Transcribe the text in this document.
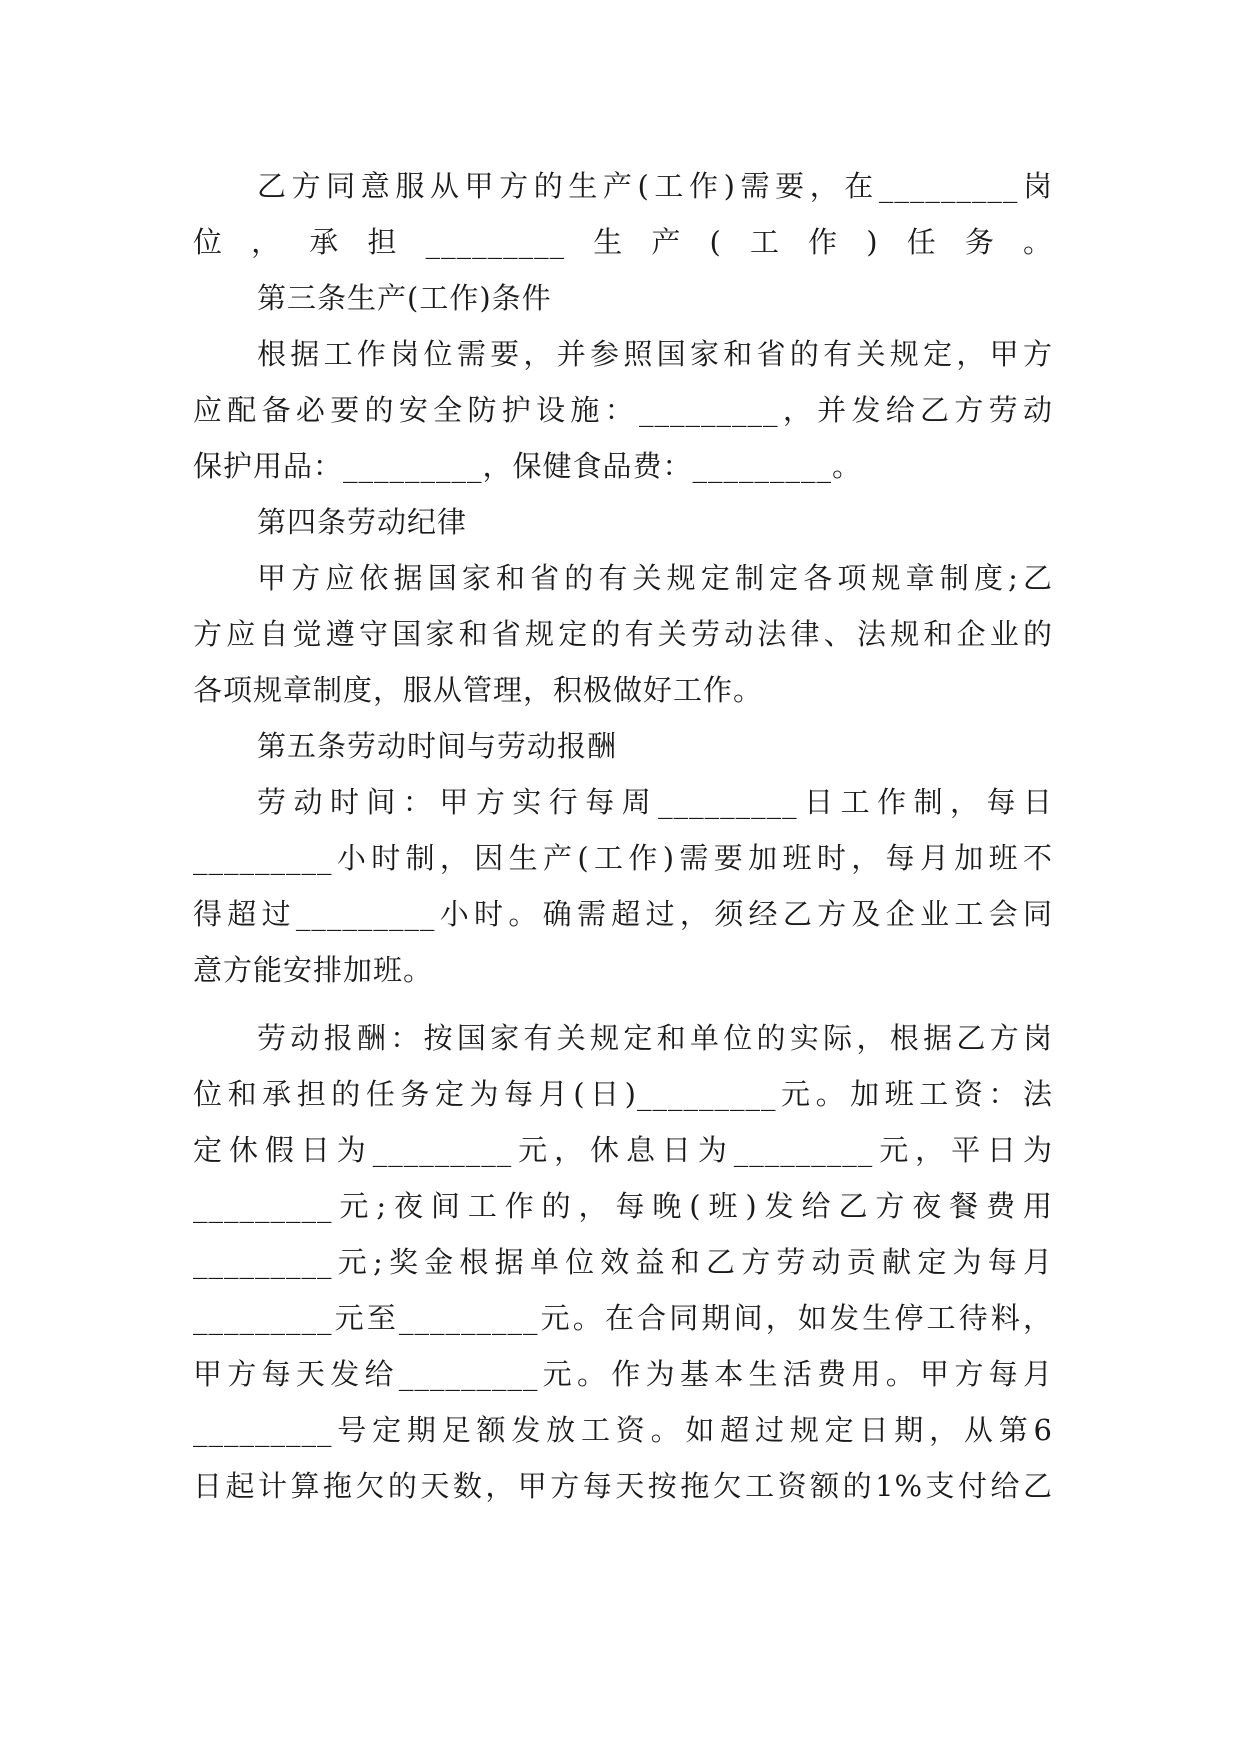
乙方同意服从甲方的生产(工作)需要，在_________岗
位，承担_________生产(工作)任务。
第三条生产(工作)条件
根据工作岗位需要，并参照国家和省的有关规定，甲方
应配备必要的安全防护设施：_________，并发给乙方劳动
保护用品：_________，保健食品费：_________。
第四条劳动纪律
甲方应依据国家和省的有关规定制定各项规章制度;乙
方应自觉遵守国家和省规定的有关劳动法律、法规和企业的
各项规章制度，服从管理，积极做好工作。
第五条劳动时间与劳动报酬
劳动时间：甲方实行每周_________日工作制，每日
_________小时制，因生产(工作)需要加班时，每月加班不
得超过_________小时。确需超过，须经乙方及企业工会同
意方能安排加班。
劳动报酬：按国家有关规定和单位的实际，根据乙方岗
位和承担的任务定为每月(日)_________元。加班工资：法
定休假日为_________元，休息日为_________元，平日为
_________元;夜间工作的，每晚(班)发给乙方夜餐费用
_________元;奖金根据单位效益和乙方劳动贡献定为每月
_________元至_________元。在合同期间，如发生停工待料，
甲方每天发给_________元。作为基本生活费用。甲方每月
_________号定期足额发放工资。如超过规定日期，从第6
日起计算拖欠的天数，甲方每天按拖欠工资额的1%支付给乙
